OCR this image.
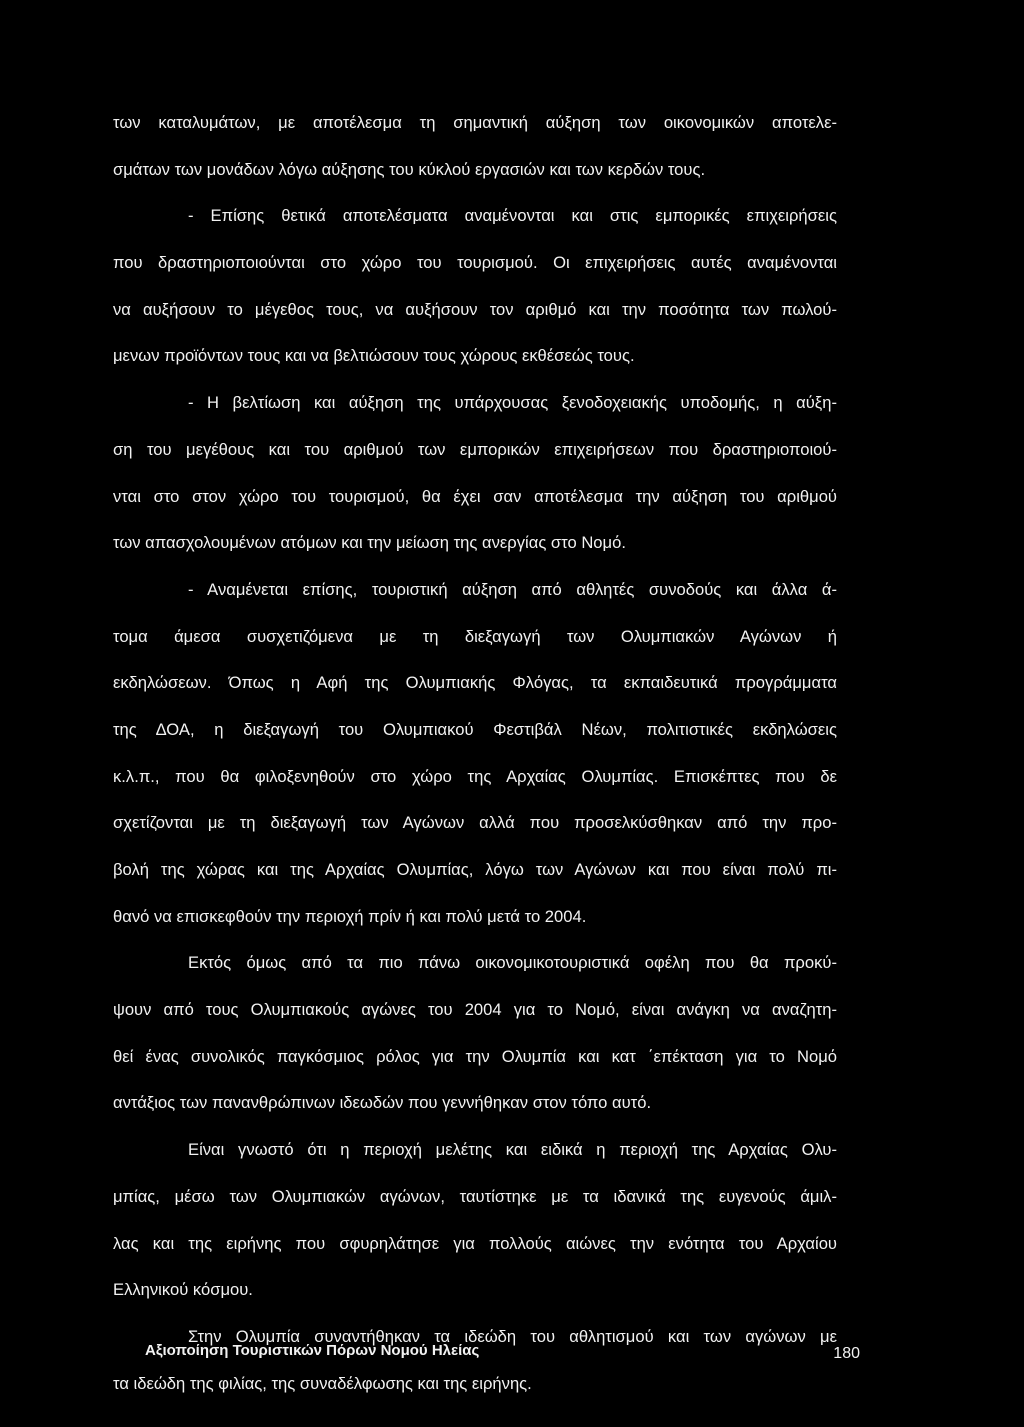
των καταλυμάτων, με αποτέλεσμα τη σημαντική αύξηση των οικονομικών αποτελε-
σμάτων των μονάδων λόγω αύξησης του κύκλού εργασιών και των κερδών τους.
- Επίσης θετικά αποτελέσματα αναμένονται και στις εμπορικές επιχειρήσεις
που δραστηριοποιούνται στο χώρο του τουρισμού. Οι επιχειρήσεις αυτές αναμένονται
να αυξήσουν το μέγεθος τους, να αυξήσουν τον αριθμό και την ποσότητα των πωλού-
μενων προϊόντων τους και να βελτιώσουν τους χώρους εκθέσεώς τους.
- Η βελτίωση και αύξηση της υπάρχουσας ξενοδοχειακής υποδομής, η αύξη-
ση του μεγέθους και του αριθμού των εμπορικών επιχειρήσεων που δραστηριοποιού-
νται στο στον χώρο του τουρισμού, θα έχει σαν αποτέλεσμα την αύξηση του αριθμού
των απασχολουμένων ατόμων και την μείωση της ανεργίας στο Νομό.
- Αναμένεται επίσης, τουριστική αύξηση από αθλητές συνοδούς και άλλα ά-
τομα άμεσα συσχετιζόμενα με τη διεξαγωγή των Ολυμπιακών Αγώνων ή
εκδηλώσεων. Όπως η Αφή της Ολυμπιακής Φλόγας, τα εκπαιδευτικά προγράμματα
της ΔΟΑ, η διεξαγωγή του Ολυμπιακού Φεστιβάλ Νέων, πολιτιστικές εκδηλώσεις
κ.λ.π., που θα φιλοξενηθούν στο χώρο της Αρχαίας Ολυμπίας. Επισκέπτες που δε
σχετίζονται με τη διεξαγωγή των Αγώνων αλλά που προσελκύσθηκαν από την προ-
βολή της χώρας και της Αρχαίας Ολυμπίας, λόγω των Αγώνων και που είναι πολύ πι-
θανό να επισκεφθούν την περιοχή πρίν ή και πολύ μετά το 2004.
Εκτός όμως από τα πιο πάνω οικονομικοτουριστικά οφέλη που θα προκύ-
ψουν από τους Ολυμπιακούς αγώνες του 2004 για το Νομό, είναι ανάγκη να αναζητη-
θεί ένας συνολικός παγκόσμιος ρόλος για την Ολυμπία και κατ ΄επέκταση για το Νομό
αντάξιος των πανανθρώπινων ιδεωδών που γεννήθηκαν στον τόπο αυτό.
Είναι γνωστό ότι η περιοχή μελέτης και ειδικά η περιοχή της Αρχαίας Ολυ-
μπίας, μέσω των Ολυμπιακών αγώνων, ταυτίστηκε με τα ιδανικά της ευγενούς άμιλ-
λας και της ειρήνης που σφυρηλάτησε για πολλούς αιώνες την ενότητα του Αρχαίου
Ελληνικού κόσμου.
Στην Ολυμπία συναντήθηκαν τα ιδεώδη του αθλητισμού και των αγώνων με
τα ιδεώδη της φιλίας, της συναδέλφωσης και της ειρήνης.
Αξιοποίηση Τουριστικών Πόρων Νομού Ηλείας	180
